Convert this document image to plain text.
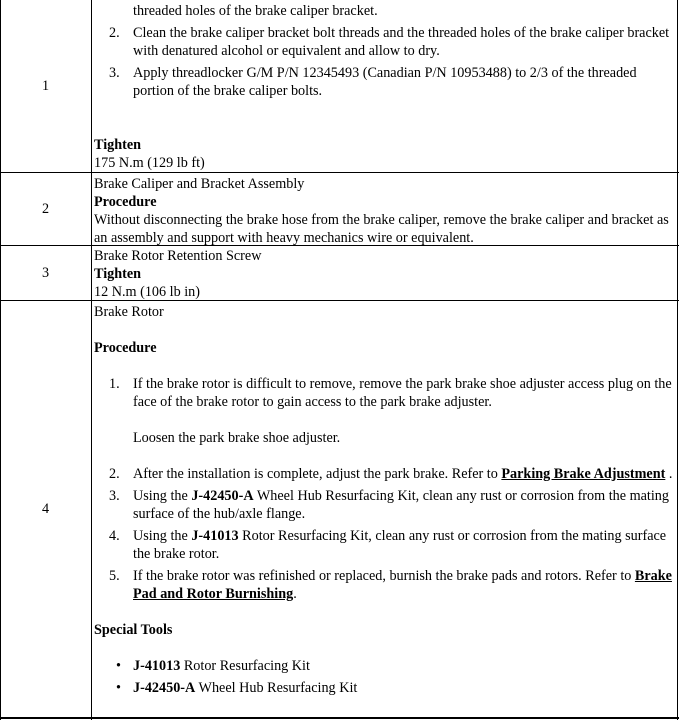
1
threaded holes of the brake caliper bracket.
2. Clean the brake caliper bracket bolt threads and the threaded holes of the brake caliper bracket with denatured alcohol or equivalent and allow to dry.
3. Apply threadlocker G/M P/N 12345493 (Canadian P/N 10953488) to 2/3 of the threaded portion of the brake caliper bolts.
Tighten
175 N.m (129 lb ft)
2
Brake Caliper and Bracket Assembly
Procedure
Without disconnecting the brake hose from the brake caliper, remove the brake caliper and bracket as an assembly and support with heavy mechanics wire or equivalent.
3
Brake Rotor Retention Screw
Tighten
12 N.m (106 lb in)
4
Brake Rotor
Procedure
1. If the brake rotor is difficult to remove, remove the park brake shoe adjuster access plug on the face of the brake rotor to gain access to the park brake adjuster.
Loosen the park brake shoe adjuster.
2. After the installation is complete, adjust the park brake. Refer to Parking Brake Adjustment .
3. Using the J-42450-A Wheel Hub Resurfacing Kit, clean any rust or corrosion from the mating surface of the hub/axle flange.
4. Using the J-41013 Rotor Resurfacing Kit, clean any rust or corrosion from the mating surface the brake rotor.
5. If the brake rotor was refinished or replaced, burnish the brake pads and rotors. Refer to Brake Pad and Rotor Burnishing.
Special Tools
• J-41013 Rotor Resurfacing Kit
• J-42450-A Wheel Hub Resurfacing Kit
